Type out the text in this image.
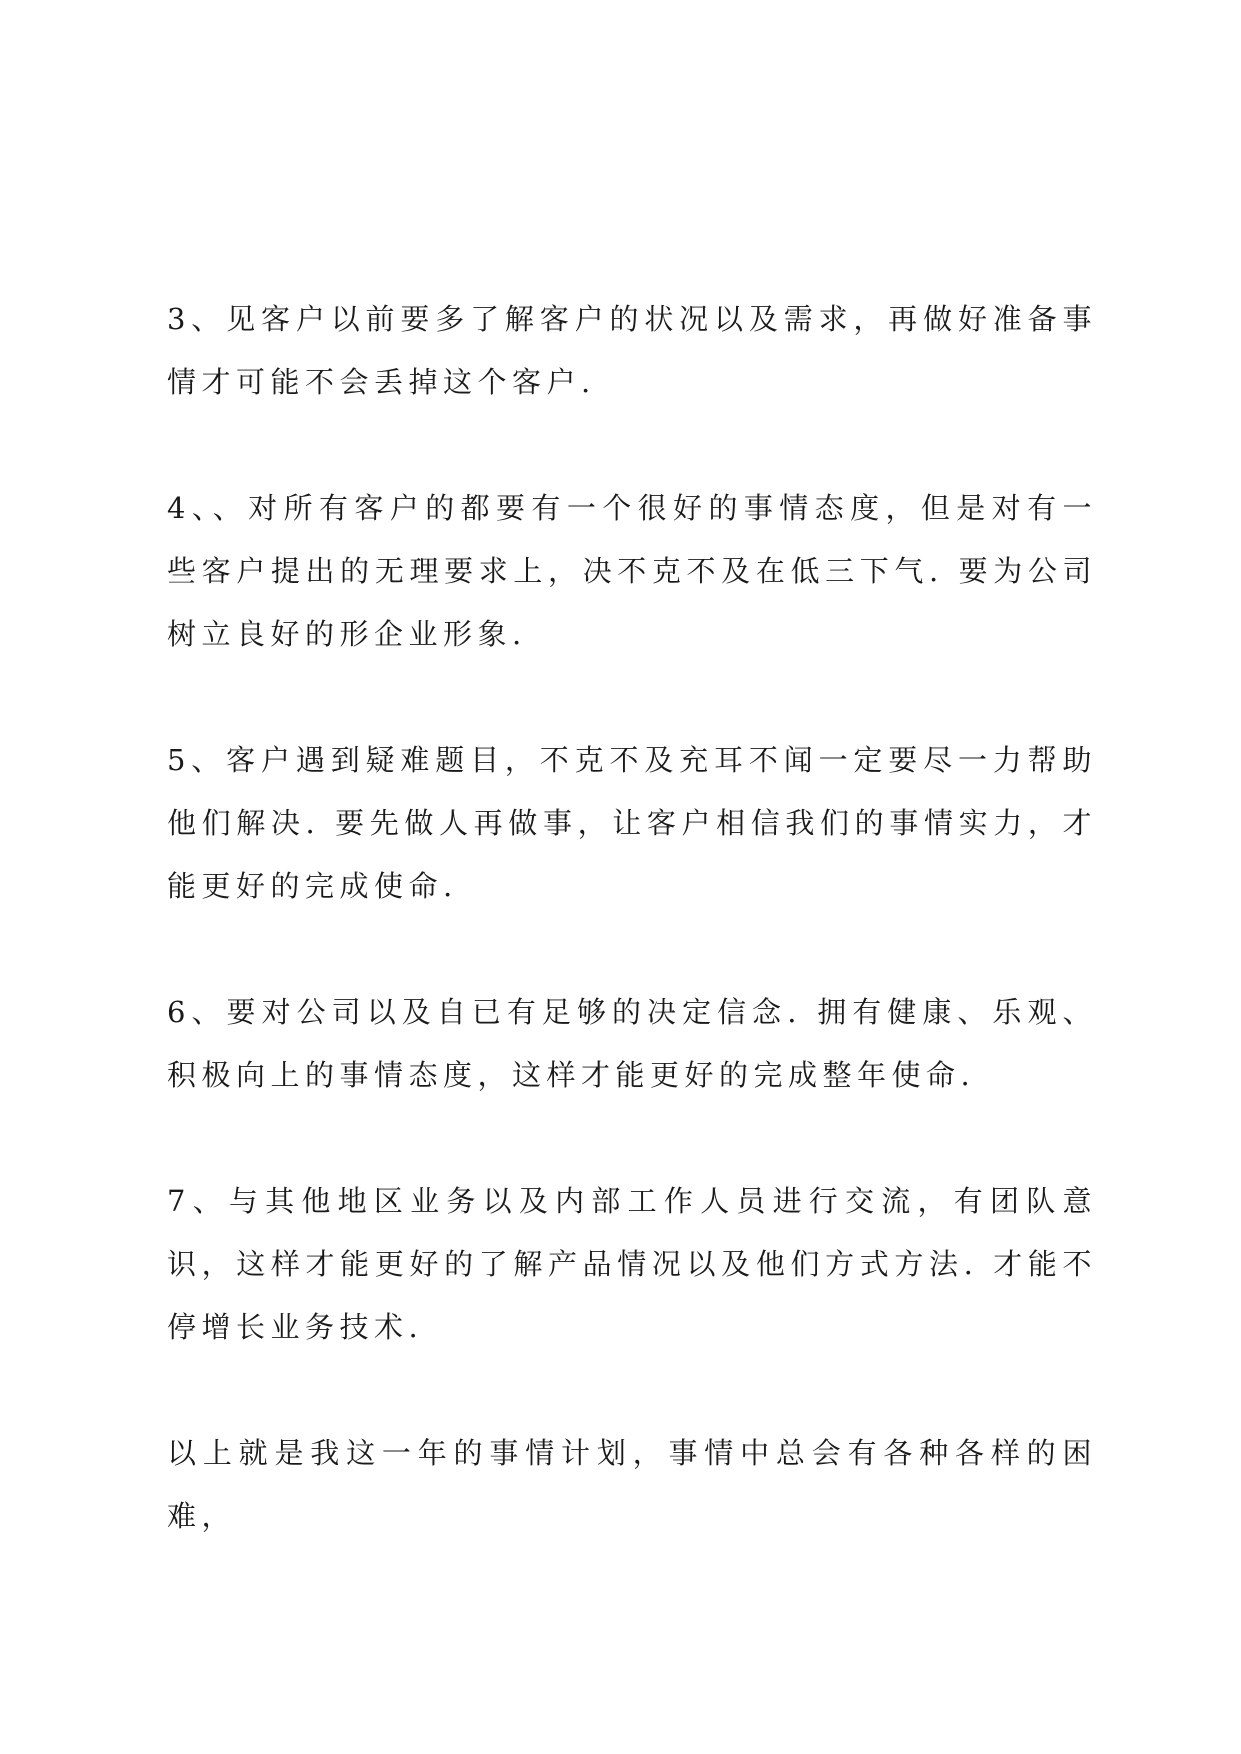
3、见客户以前要多了解客户的状况以及需求，再做好准备事情才可能不会丢掉这个客户.

4、、对所有客户的都要有一个很好的事情态度，但是对有一些客户提出的无理要求上，决不克不及在低三下气. 要为公司树立良好的形企业形象.

5、客户遇到疑难题目，不克不及充耳不闻一定要尽一力帮助他们解决. 要先做人再做事，让客户相信我们的事情实力，才能更好的完成使命.

6、要对公司以及自已有足够的决定信念. 拥有健康、乐观、积极向上的事情态度，这样才能更好的完成整年使命.

7、与其他地区业务以及内部工作人员进行交流，有团队意识，这样才能更好的了解产品情况以及他们方式方法. 才能不停增长业务技术.

以上就是我这一年的事情计划，事情中总会有各种各样的困难，
